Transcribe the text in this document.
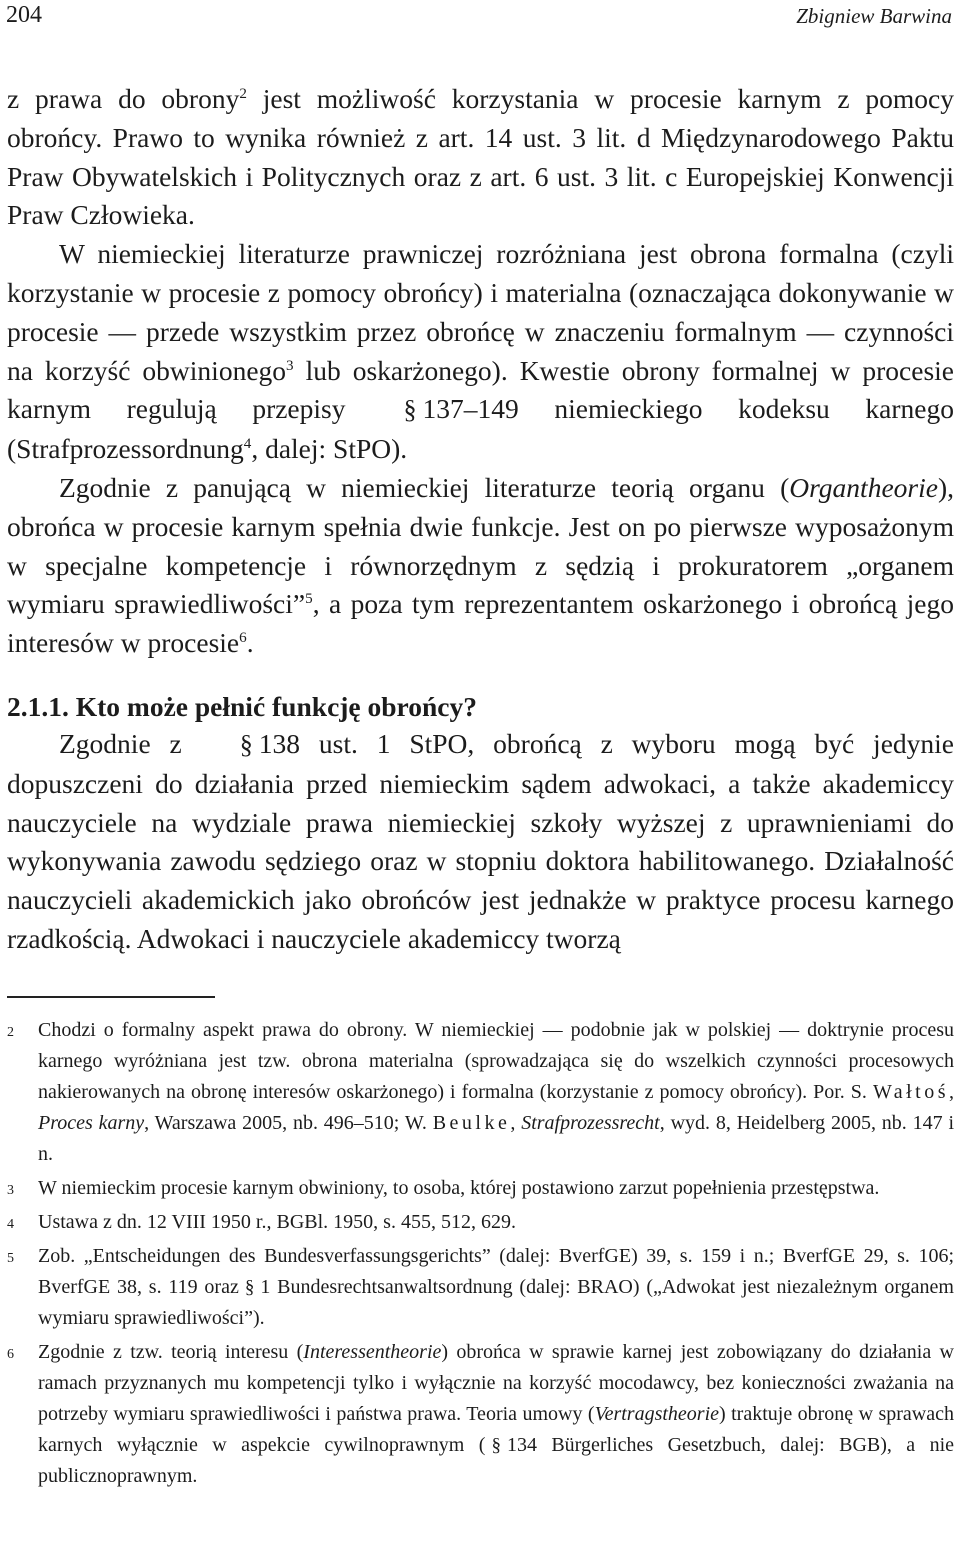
204	Zbigniew Barwina

z prawa do obrony$^2$ jest możliwość korzystania w procesie karnym z pomocy obrońcy. Prawo to wynika również z art. 14 ust. 3 lit. d Międzynarodowego Paktu Praw Obywatelskich i Politycznych oraz z art. 6 ust. 3 lit. c Europejskiej Konwencji Praw Człowieka.

W niemieckiej literaturze prawniczej rozróżniana jest obrona formalna (czyli korzystanie w procesie z pomocy obrońcy) i materialna (oznaczająca dokonywanie w procesie — przede wszystkim przez obrońcę w znaczeniu formalnym — czynności na korzyść obwinionego$^3$ lub oskarżonego). Kwestie obrony formalnej w procesie karnym regulują przepisy § 137–149 niemieckiego kodeksu karnego (Strafprozessordnung$^4$, dalej: StPO).

Zgodnie z panującą w niemieckiej literaturze teorią organu (Organtheorie), obrońca w procesie karnym spełnia dwie funkcje. Jest on po pierwsze wyposażonym w specjalne kompetencje i równorzędnym z sędzią i prokuratorem „organem wymiaru sprawiedliwości”$^5$, a poza tym reprezentantem oskarżonego i obrońcą jego interesów w procesie$^6$.

2.1.1. Kto może pełnić funkcję obrońcy?

Zgodnie z § 138 ust. 1 StPO, obrońcą z wyboru mogą być jedynie dopuszczeni do działania przed niemieckim sądem adwokaci, a także akademiccy nauczyciele na wydziale prawa niemieckiej szkoły wyższej z uprawnieniami do wykonywania zawodu sędziego oraz w stopniu doktora habilitowanego. Działalność nauczycieli akademickich jako obrońców jest jednakże w praktyce procesu karnego rzadkością. Adwokaci i nauczyciele akademiccy tworzą

2 Chodzi o formalny aspekt prawa do obrony. W niemieckiej — podobnie jak w polskiej — doktrynie procesu karnego wyróżniana jest tzw. obrona materialna (sprowadzająca się do wszelkich czynności procesowych nakierowanych na obronę interesów oskarżonego) i formalna (korzystanie z pomocy obrońcy). Por. S. Wałtoś, Proces karny, Warszawa 2005, nb. 496–510; W. Beulke, Strafprozessrecht, wyd. 8, Heidelberg 2005, nb. 147 i n.
3 W niemieckim procesie karnym obwiniony, to osoba, której postawiono zarzut popełnienia przestępstwa.
4 Ustawa z dn. 12 VIII 1950 r., BGBl. 1950, s. 455, 512, 629.
5 Zob. „Entscheidungen des Bundesverfassungsgerichts” (dalej: BverfGE) 39, s. 159 i n.; BverfGE 29, s. 106; BverfGE 38, s. 119 oraz § 1 Bundesrechtsanwaltsordnung (dalej: BRAO) („Adwokat jest niezależnym organem wymiaru sprawiedliwości”).
6 Zgodnie z tzw. teorią interesu (Interessentheorie) obrońca w sprawie karnej jest zobowiązany do działania w ramach przyznanych mu kompetencji tylko i wyłącznie na korzyść mocodawcy, bez konieczności zważania na potrzeby wymiaru sprawiedliwości i państwa prawa. Teoria umowy (Vertragstheorie) traktuje obronę w sprawach karnych wyłącznie w aspekcie cywilnoprawnym ( § 134 Bürgerliches Gesetzbuch, dalej: BGB), a nie publicznoprawnym.
